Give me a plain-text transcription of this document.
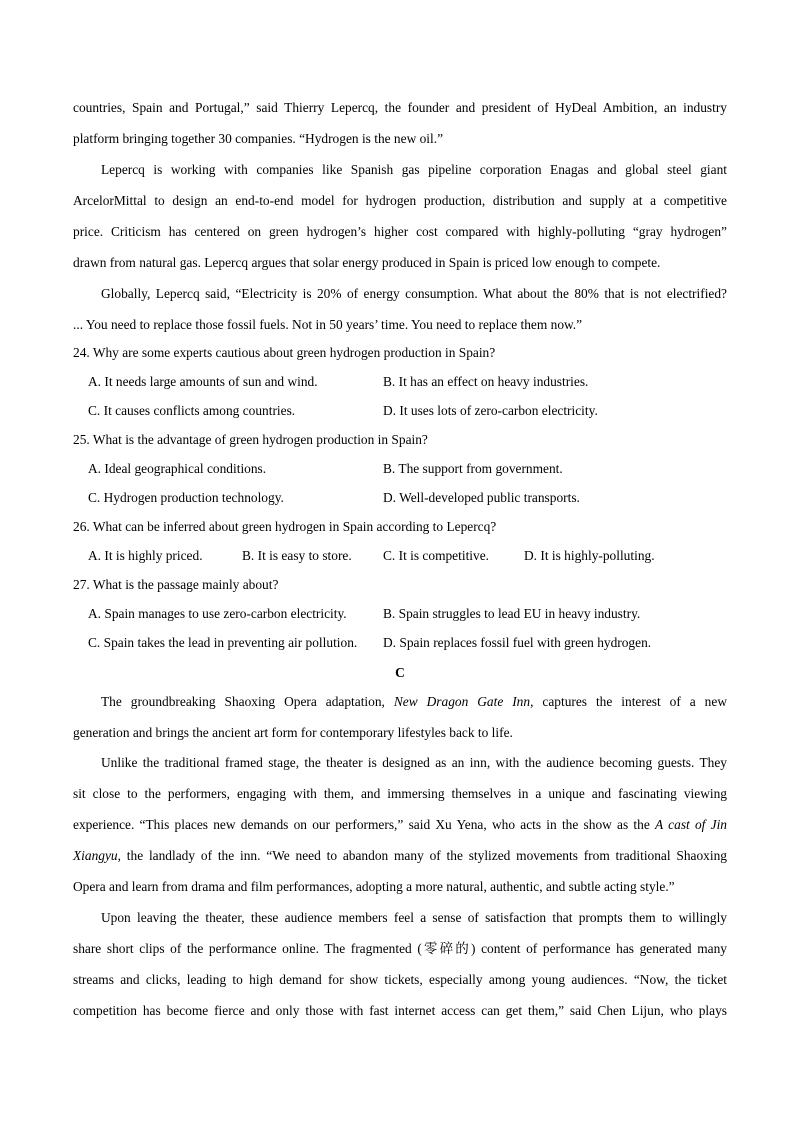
countries, Spain and Portugal,” said Thierry Lepercq, the founder and president of HyDeal Ambition, an industry
platform bringing together 30 companies. “Hydrogen is the new oil.”
Lepercq is working with companies like Spanish gas pipeline corporation Enagas and global steel giant
ArcelorMittal to design an end-to-end model for hydrogen production, distribution and supply at a competitive
price. Criticism has centered on green hydrogen’s higher cost compared with highly-polluting “gray hydrogen”
drawn from natural gas. Lepercq argues that solar energy produced in Spain is priced low enough to compete.
Globally, Lepercq said, “Electricity is 20% of energy consumption. What about the 80% that is not electrified?
... You need to replace those fossil fuels. Not in 50 years’ time. You need to replace them now.”
24. Why are some experts cautious about green hydrogen production in Spain?
A. It needs large amounts of sun and wind.	B. It has an effect on heavy industries.
C. It causes conflicts among countries.	D. It uses lots of zero-carbon electricity.
25. What is the advantage of green hydrogen production in Spain?
A. Ideal geographical conditions.	B. The support from government.
C. Hydrogen production technology.	D. Well-developed public transports.
26. What can be inferred about green hydrogen in Spain according to Lepercq?
A. It is highly priced.	B. It is easy to store. C. It is competitive.	D. It is highly-polluting.
27. What is the passage mainly about?
A. Spain manages to use zero-carbon electricity.	B. Spain struggles to lead EU in heavy industry.
C. Spain takes the lead in preventing air pollution. D. Spain replaces fossil fuel with green hydrogen.
C
The groundbreaking Shaoxing Opera adaptation, New Dragon Gate Inn, captures the interest of a new
generation and brings the ancient art form for contemporary lifestyles back to life.
Unlike the traditional framed stage, the theater is designed as an inn, with the audience becoming guests. They
sit close to the performers, engaging with them, and immersing themselves in a unique and fascinating viewing
experience. “This places new demands on our performers,” said Xu Yena, who acts in the show as the A cast of Jin
Xiangyu, the landlady of the inn. “We need to abandon many of the stylized movements from traditional Shaoxing
Opera and learn from drama and film performances, adopting a more natural, authentic, and subtle acting style.”
Upon leaving the theater, these audience members feel a sense of satisfaction that prompts them to willingly
share short clips of the performance online. The fragmented (零碎的) content of performance has generated many
streams and clicks, leading to high demand for show tickets, especially among young audiences. “Now, the ticket
competition has become fierce and only those with fast internet access can get them,” said Chen Lijun, who plays
